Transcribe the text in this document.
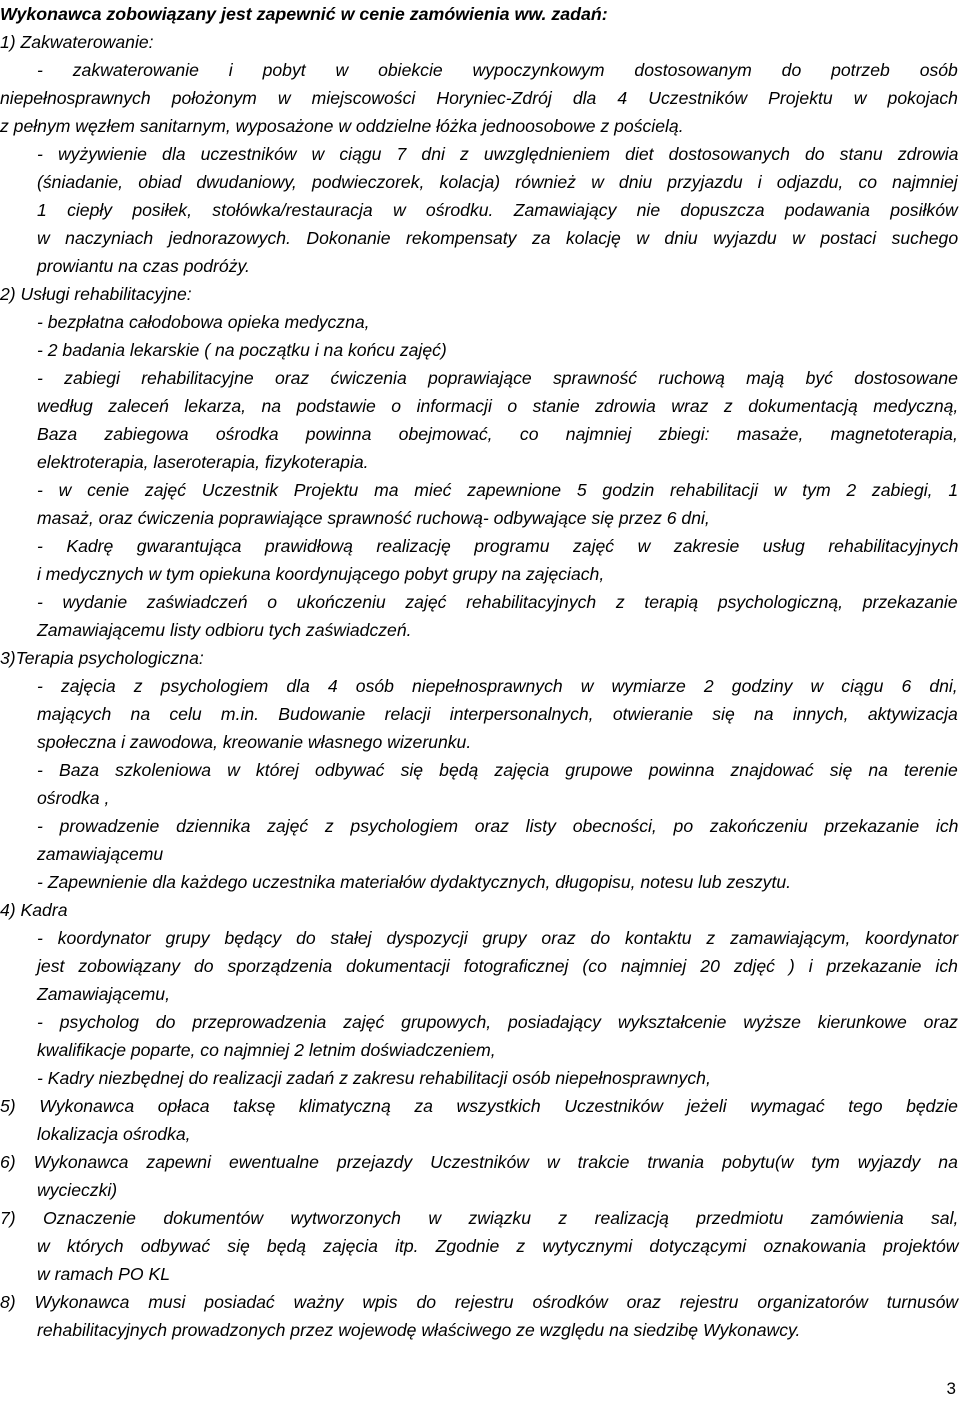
Wykonawca zobowiązany jest zapewnić w cenie zamówienia ww. zadań:
1) Zakwaterowanie:
- zakwaterowanie i pobyt w obiekcie wypoczynkowym dostosowanym do potrzeb osób
niepełnosprawnych położonym w miejscowości Horyniec-Zdrój dla 4 Uczestników Projektu w pokojach
z pełnym węzłem sanitarnym, wyposażone w oddzielne łóżka jednoosobowe z pościelą.
- wyżywienie dla uczestników w ciągu 7 dni z uwzględnieniem diet dostosowanych do stanu zdrowia
(śniadanie, obiad dwudaniowy, podwieczorek, kolacja) również w dniu przyjazdu i odjazdu, co najmniej
1 ciepły posiłek, stołówka/restauracja w ośrodku. Zamawiający nie dopuszcza podawania posiłków
w naczyniach jednorazowych. Dokonanie rekompensaty za kolację w dniu wyjazdu w postaci suchego
prowiantu na czas podróży.
2) Usługi rehabilitacyjne:
- bezpłatna całodobowa opieka medyczna,
- 2 badania lekarskie ( na początku i na końcu zajęć)
- zabiegi rehabilitacyjne oraz ćwiczenia poprawiające sprawność ruchową mają być dostosowane
według zaleceń lekarza, na podstawie o informacji o stanie zdrowia wraz z dokumentacją medyczną,
Baza zabiegowa ośrodka powinna obejmować, co najmniej zbiegi: masaże, magnetoterapia,
elektroterapia, laseroterapia, fizykoterapia.
- w cenie zajęć Uczestnik Projektu ma mieć zapewnione 5 godzin rehabilitacji w tym 2 zabiegi, 1
masaż, oraz ćwiczenia poprawiające sprawność ruchową- odbywające się przez 6 dni,
- Kadrę gwarantująca prawidłową realizację programu zajęć w zakresie usług rehabilitacyjnych
i medycznych w tym opiekuna koordynującego pobyt grupy na zajęciach,
- wydanie zaświadczeń o ukończeniu zajęć rehabilitacyjnych z terapią psychologiczną, przekazanie
Zamawiającemu listy odbioru tych zaświadczeń.
3)Terapia psychologiczna:
- zajęcia z psychologiem dla 4 osób niepełnosprawnych w wymiarze 2 godziny w ciągu 6 dni,
mających na celu m.in. Budowanie relacji interpersonalnych, otwieranie się na innych, aktywizacja
społeczna i zawodowa, kreowanie własnego wizerunku.
- Baza szkoleniowa w której odbywać się będą zajęcia grupowe powinna znajdować się na terenie
ośrodka ,
- prowadzenie dziennika zajęć z psychologiem oraz listy obecności, po zakończeniu przekazanie ich
zamawiającemu
- Zapewnienie dla każdego uczestnika materiałów dydaktycznych, długopisu, notesu lub zeszytu.
4) Kadra
- koordynator grupy będący do stałej dyspozycji grupy oraz do kontaktu z zamawiającym, koordynator
jest zobowiązany do sporządzenia dokumentacji fotograficznej (co najmniej 20 zdjęć ) i przekazanie ich
Zamawiającemu,
- psycholog do przeprowadzenia zajęć grupowych, posiadający wykształcenie wyższe kierunkowe oraz
kwalifikacje poparte, co najmniej 2 letnim doświadczeniem,
- Kadry niezbędnej do realizacji zadań z zakresu rehabilitacji osób niepełnosprawnych,
5) Wykonawca opłaca taksę klimatyczną za wszystkich Uczestników jeżeli wymagać tego będzie
lokalizacja ośrodka,
6) Wykonawca zapewni ewentualne przejazdy Uczestników w trakcie trwania pobytu(w tym wyjazdy na
wycieczki)
7) Oznaczenie dokumentów wytworzonych w związku z realizacją przedmiotu zamówienia sal,
w których odbywać się będą zajęcia itp. Zgodnie z wytycznymi dotyczącymi oznakowania projektów
w ramach PO KL
8) Wykonawca musi posiadać ważny wpis do rejestru ośrodków oraz rejestru organizatorów turnusów
rehabilitacyjnych prowadzonych przez wojewodę właściwego ze względu na siedzibę Wykonawcy.
3
